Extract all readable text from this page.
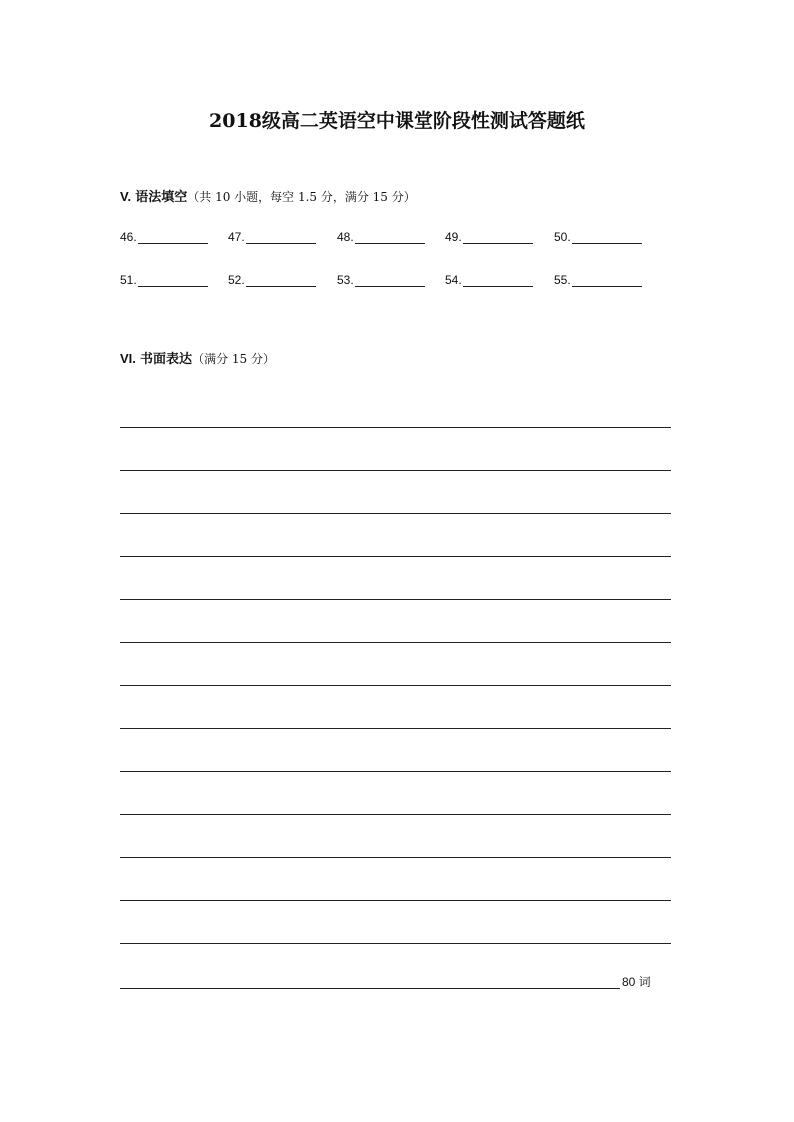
2018级高二英语空中课堂阶段性测试答题纸
V. 语法填空（共 10 小题，每空 1.5 分，满分 15 分）
46.	47.	48.	49.	50.
51.	52.	53.	54.	55.
VI. 书面表达（满分 15 分）
80 词
